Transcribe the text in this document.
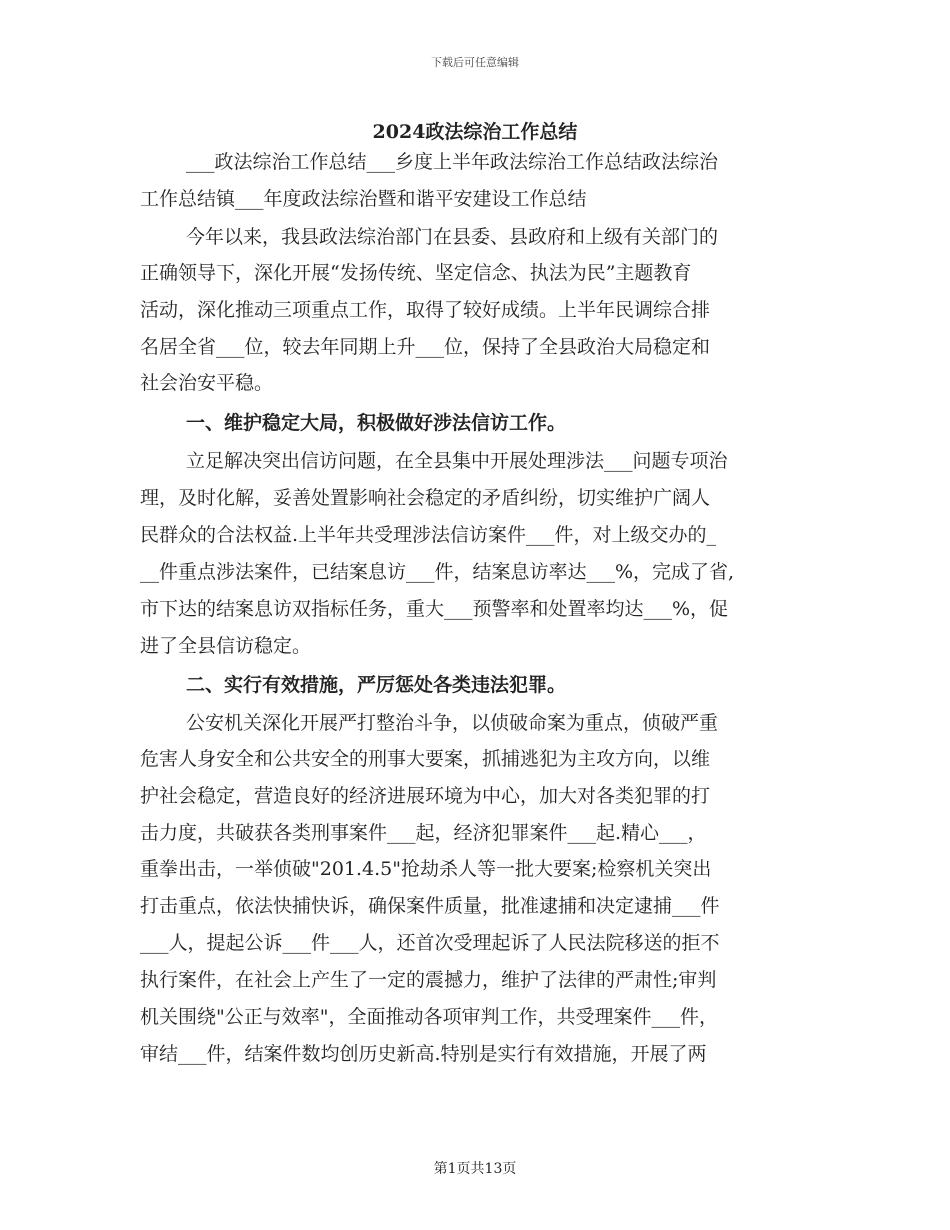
下载后可任意编辑
2024政法综治工作总结
___政法综治工作总结___乡度上半年政法综治工作总结政法综治
工作总结镇___年度政法综治暨和谐平安建设工作总结
今年以来，我县政法综治部门在县委、县政府和上级有关部门的
正确领导下，深化开展“发扬传统、坚定信念、执法为民”主题教育
活动，深化推动三项重点工作，取得了较好成绩。上半年民调综合排
名居全省___位，较去年同期上升___位，保持了全县政治大局稳定和
社会治安平稳。
一、维护稳定大局，积极做好涉法信访工作。
立足解决突出信访问题，在全县集中开展处理涉法___问题专项治
理，及时化解，妥善处置影响社会稳定的矛盾纠纷，切实维护广阔人
民群众的合法权益.上半年共受理涉法信访案件___件，对上级交办的_
__件重点涉法案件，已结案息访___件，结案息访率达___%，完成了省,
市下达的结案息访双指标任务，重大___预警率和处置率均达___%，促
进了全县信访稳定。
二、实行有效措施，严厉惩处各类违法犯罪。
公安机关深化开展严打整治斗争，以侦破命案为重点，侦破严重
危害人身安全和公共安全的刑事大要案，抓捕逃犯为主攻方向，以维
护社会稳定，营造良好的经济进展环境为中心，加大对各类犯罪的打
击力度，共破获各类刑事案件___起，经济犯罪案件___起.精心___，
重拳出击，一举侦破"201.4.5"抢劫杀人等一批大要案;检察机关突出
打击重点，依法快捕快诉，确保案件质量，批准逮捕和决定逮捕___件
___人，提起公诉___件___人，还首次受理起诉了人民法院移送的拒不
执行案件，在社会上产生了一定的震撼力，维护了法律的严肃性;审判
机关围绕"公正与效率"，全面推动各项审判工作，共受理案件___件，
审结___件，结案件数均创历史新高.特别是实行有效措施，开展了两
第1页共13页
